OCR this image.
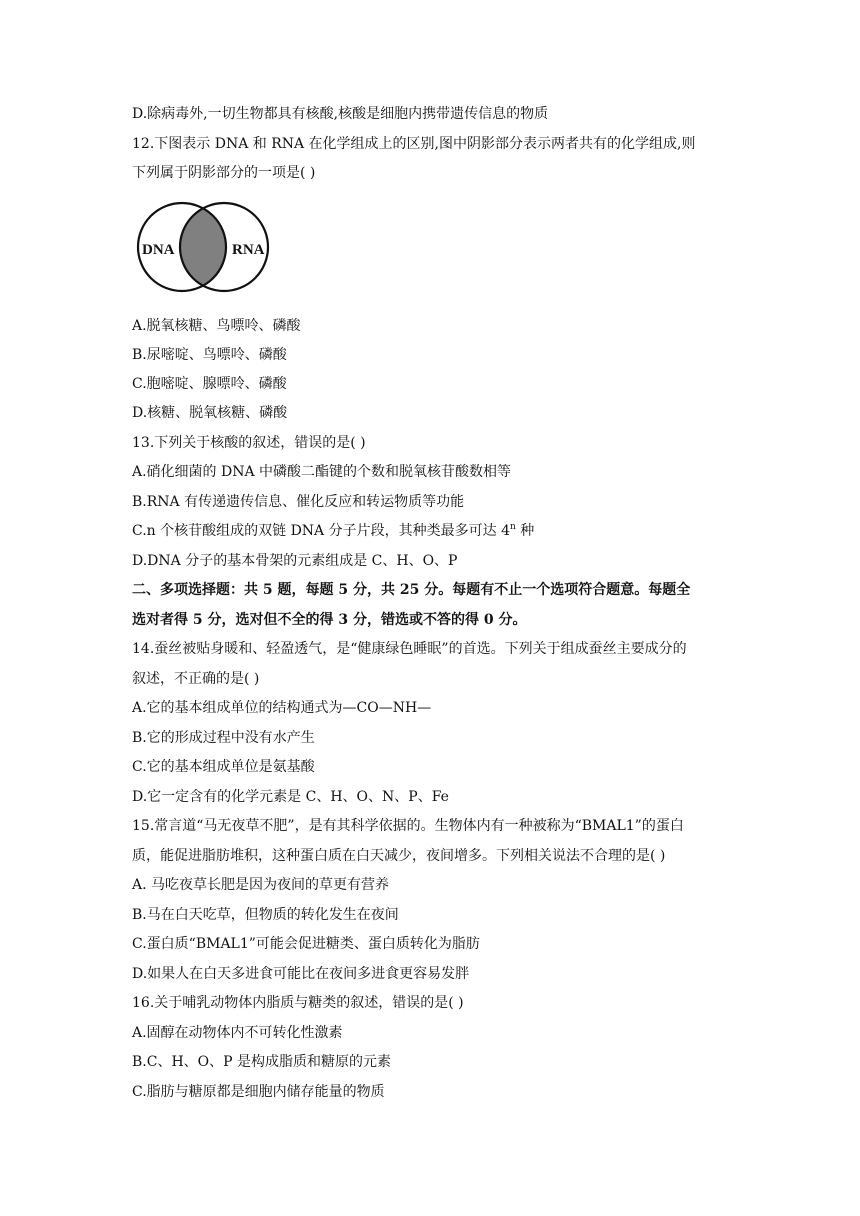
D.除病毒外,一切生物都具有核酸,核酸是细胞内携带遗传信息的物质
12.下图表示 DNA 和 RNA 在化学组成上的区别,图中阴影部分表示两者共有的化学组成,则
下列属于阴影部分的一项是( )
DNA	RNA
A.脱氧核糖、鸟嘌呤、磷酸
B.尿嘧啶、鸟嘌呤、磷酸
C.胞嘧啶、腺嘌呤、磷酸
D.核糖、脱氧核糖、磷酸
13.下列关于核酸的叙述，错误的是( )
A.硝化细菌的 DNA 中磷酸二酯键的个数和脱氧核苷酸数相等
B.RNA 有传递遗传信息、催化反应和转运物质等功能
C.n 个核苷酸组成的双链 DNA 分子片段，其种类最多可达 4$^n$ 种
D.DNA 分子的基本骨架的元素组成是 C、H、O、P
二、多项选择题：共 5 题，每题 5 分，共 25 分。每题有不止一个选项符合题意。每题全
选对者得 5 分，选对但不全的得 3 分，错选或不答的得 0 分。
14.蚕丝被贴身暖和、轻盈透气，是“健康绿色睡眠”的首选。下列关于组成蚕丝主要成分的
叙述，不正确的是( )
A.它的基本组成单位的结构通式为—CO—NH—
B.它的形成过程中没有水产生
C.它的基本组成单位是氨基酸
D.它一定含有的化学元素是 C、H、O、N、P、Fe
15.常言道“马无夜草不肥”，是有其科学依据的。生物体内有一种被称为“BMAL1”的蛋白
质，能促进脂肪堆积，这种蛋白质在白天减少，夜间增多。下列相关说法不合理的是( )
A. 马吃夜草长肥是因为夜间的草更有营养
B.马在白天吃草，但物质的转化发生在夜间
C.蛋白质“BMAL1”可能会促进糖类、蛋白质转化为脂肪
D.如果人在白天多进食可能比在夜间多进食更容易发胖
16.关于哺乳动物体内脂质与糖类的叙述，错误的是( )
A.固醇在动物体内不可转化性激素
B.C、H、O、P 是构成脂质和糖原的元素
C.脂肪与糖原都是细胞内储存能量的物质
